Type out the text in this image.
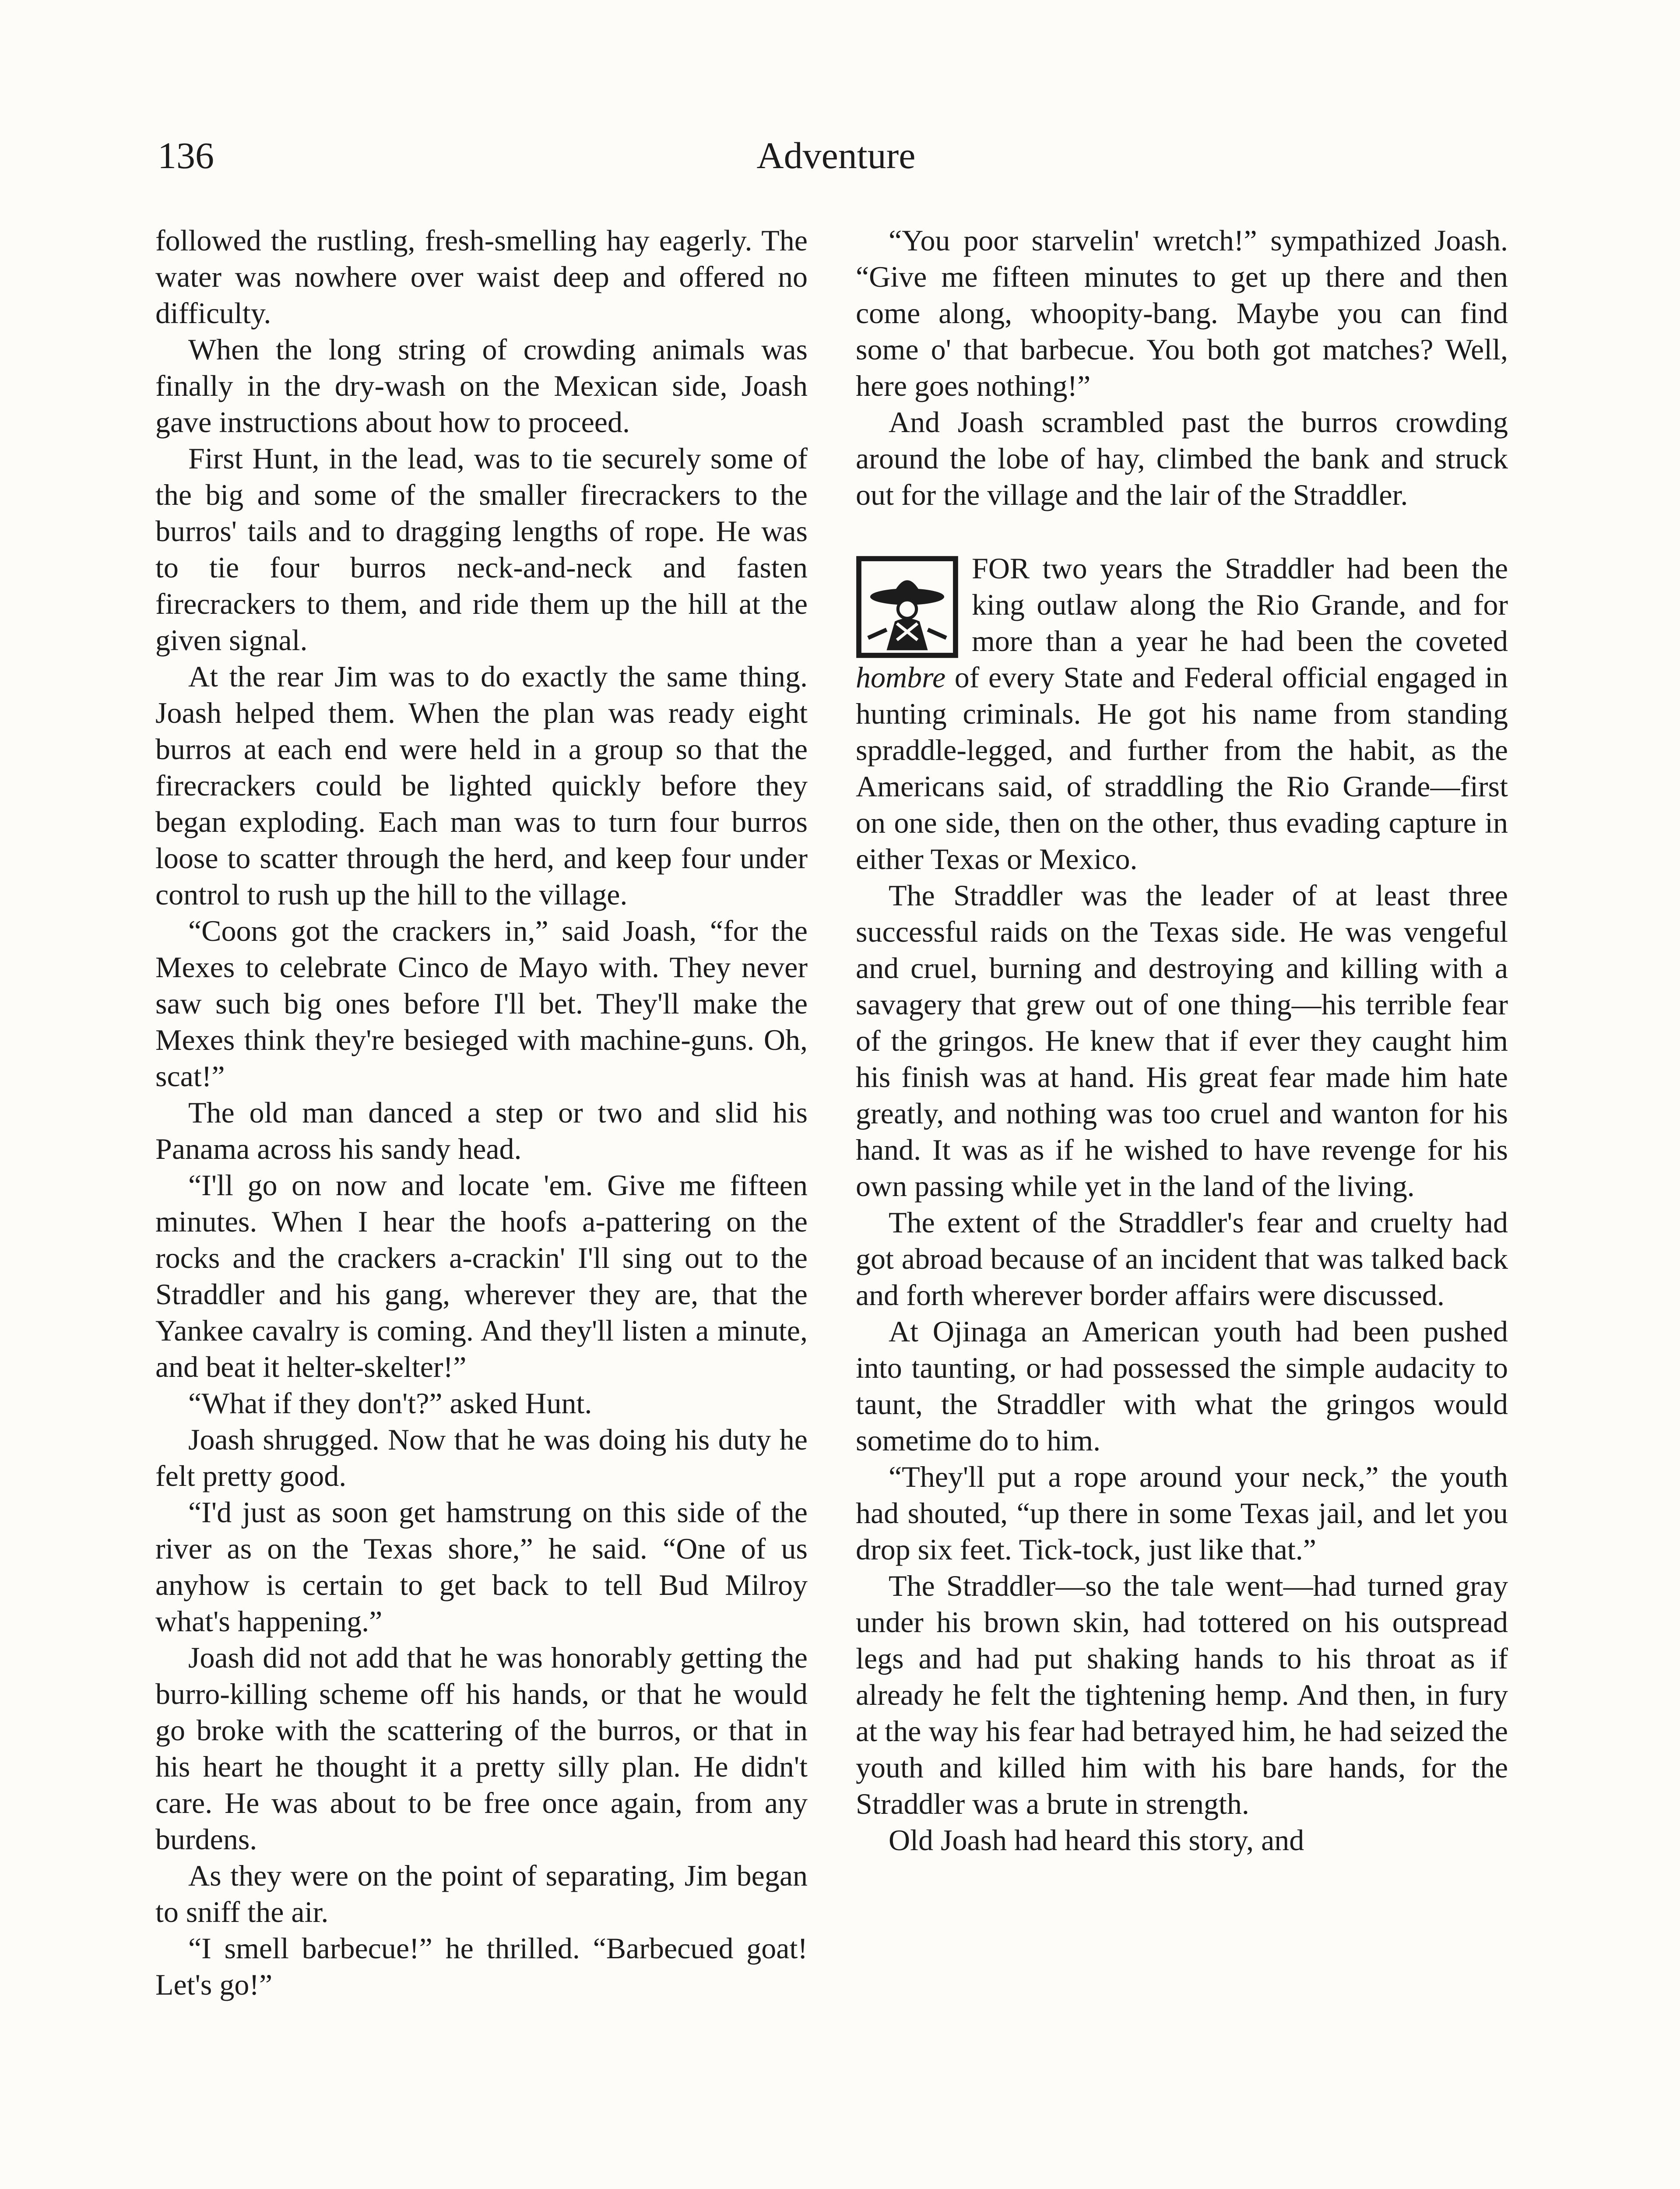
136	Adventure

followed the rustling, fresh-smelling hay eagerly. The water was nowhere over waist deep and offered no difficulty.

When the long string of crowding animals was finally in the dry-wash on the Mexican side, Joash gave instructions about how to proceed.

First Hunt, in the lead, was to tie securely some of the big and some of the smaller firecrackers to the burros' tails and to dragging lengths of rope. He was to tie four burros neck-and-neck and fasten firecrackers to them, and ride them up the hill at the given signal.

At the rear Jim was to do exactly the same thing. Joash helped them. When the plan was ready eight burros at each end were held in a group so that the firecrackers could be lighted quickly before they began exploding. Each man was to turn four burros loose to scatter through the herd, and keep four under control to rush up the hill to the village.

“Coons got the crackers in,” said Joash, “for the Mexes to celebrate Cinco de Mayo with. They never saw such big ones before I'll bet. They'll make the Mexes think they're besieged with machine-guns. Oh, scat!”

The old man danced a step or two and slid his Panama across his sandy head.

“I'll go on now and locate 'em. Give me fifteen minutes. When I hear the hoofs a-pattering on the rocks and the crackers a-crackin' I'll sing out to the Straddler and his gang, wherever they are, that the Yankee cavalry is coming. And they'll listen a minute, and beat it helter-skelter!”

“What if they don't?” asked Hunt.

Joash shrugged. Now that he was doing his duty he felt pretty good.

“I'd just as soon get hamstrung on this side of the river as on the Texas shore,” he said. “One of us anyhow is certain to get back to tell Bud Milroy what's happening.”

Joash did not add that he was honorably getting the burro-killing scheme off his hands, or that he would go broke with the scattering of the burros, or that in his heart he thought it a pretty silly plan. He didn't care. He was about to be free once again, from any burdens.

As they were on the point of separating, Jim began to sniff the air.

“I smell barbecue!” he thrilled. “Barbecued goat! Let's go!”

“You poor starvelin' wretch!” sympathized Joash. “Give me fifteen minutes to get up there and then come along, whoopity-bang. Maybe you can find some o' that barbecue. You both got matches? Well, here goes nothing!”

And Joash scrambled past the burros crowding around the lobe of hay, climbed the bank and struck out for the village and the lair of the Straddler.

FOR two years the Straddler had been the king outlaw along the Rio Grande, and for more than a year he had been the coveted hombre of every State and Federal official engaged in hunting criminals. He got his name from standing spraddle-legged, and further from the habit, as the Americans said, of straddling the Rio Grande—first on one side, then on the other, thus evading capture in either Texas or Mexico.

The Straddler was the leader of at least three successful raids on the Texas side. He was vengeful and cruel, burning and destroying and killing with a savagery that grew out of one thing—his terrible fear of the gringos. He knew that if ever they caught him his finish was at hand. His great fear made him hate greatly, and nothing was too cruel and wanton for his hand. It was as if he wished to have revenge for his own passing while yet in the land of the living.

The extent of the Straddler's fear and cruelty had got abroad because of an incident that was talked back and forth wherever border affairs were discussed.

At Ojinaga an American youth had been pushed into taunting, or had possessed the simple audacity to taunt, the Straddler with what the gringos would sometime do to him.

“They'll put a rope around your neck,” the youth had shouted, “up there in some Texas jail, and let you drop six feet. Tick-tock, just like that.”

The Straddler—so the tale went—had turned gray under his brown skin, had tottered on his outspread legs and had put shaking hands to his throat as if already he felt the tightening hemp. And then, in fury at the way his fear had betrayed him, he had seized the youth and killed him with his bare hands, for the Straddler was a brute in strength.

Old Joash had heard this story, and
